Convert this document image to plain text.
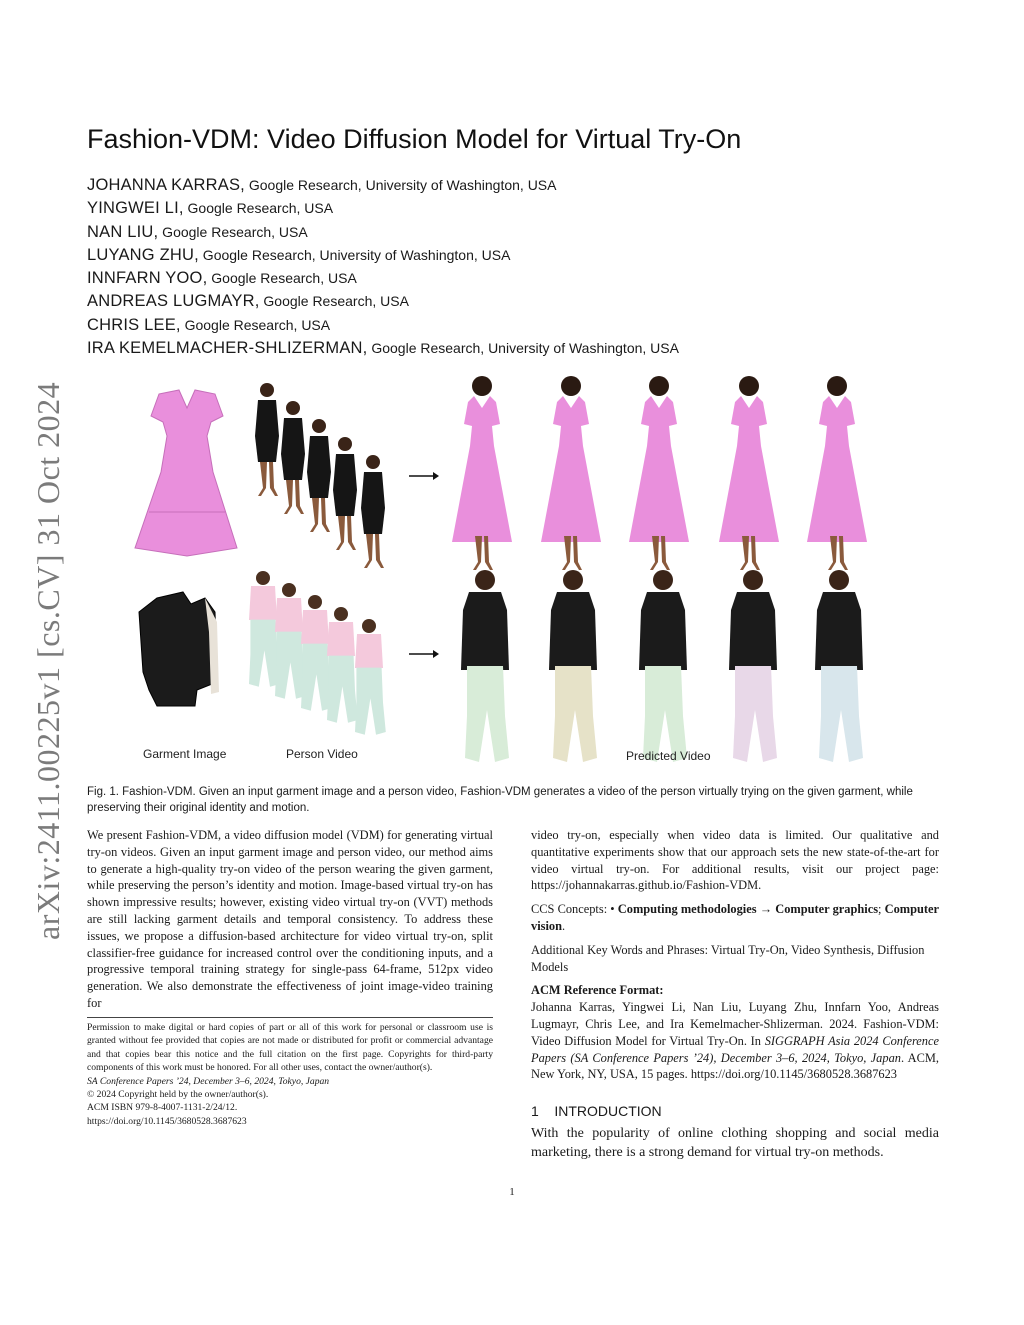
arXiv:2411.00225v1 [cs.CV] 31 Oct 2024
Fashion-VDM: Video Diffusion Model for Virtual Try-On
JOHANNA KARRAS, Google Research, University of Washington, USA
YINGWEI LI, Google Research, USA
NAN LIU, Google Research, USA
LUYANG ZHU, Google Research, University of Washington, USA
INNFARN YOO, Google Research, USA
ANDREAS LUGMAYR, Google Research, USA
CHRIS LEE, Google Research, USA
IRA KEMELMACHER-SHLIZERMAN, Google Research, University of Washington, USA
Garment Image	Person Video	Predicted Video
Fig. 1. Fashion-VDM. Given an input garment image and a person video, Fashion-VDM generates a video of the person virtually trying on the given garment, while preserving their original identity and motion.

We present Fashion-VDM, a video diffusion model (VDM) for generating virtual try-on videos. Given an input garment image and person video, our method aims to generate a high-quality try-on video of the person wearing the given garment, while preserving the person’s identity and motion. Image-based virtual try-on has shown impressive results; however, existing video virtual try-on (VVT) methods are still lacking garment details and temporal consistency. To address these issues, we propose a diffusion-based architecture for video virtual try-on, split classifier-free guidance for increased control over the conditioning inputs, and a progressive temporal training strategy for single-pass 64-frame, 512px video generation. We also demonstrate the effectiveness of joint image-video training for

Permission to make digital or hard copies of part or all of this work for personal or classroom use is granted without fee provided that copies are not made or distributed for profit or commercial advantage and that copies bear this notice and the full citation on the first page. Copyrights for third-party components of this work must be honored. For all other uses, contact the owner/author(s).

SA Conference Papers ’24, December 3–6, 2024, Tokyo, Japan

© 2024 Copyright held by the owner/author(s).

ACM ISBN 979-8-4007-1131-2/24/12.

https://doi.org/10.1145/3680528.3687623

video try-on, especially when video data is limited. Our qualitative and quantitative experiments show that our approach sets the new state-of-the-art for video virtual try-on. For additional results, visit our project page: https://johannakarras.github.io/Fashion-VDM.

CCS Concepts: • Computing methodologies → Computer graphics; Computer vision.

Additional Key Words and Phrases: Virtual Try-On, Video Synthesis, Diffusion Models

ACM Reference Format:

Johanna Karras, Yingwei Li, Nan Liu, Luyang Zhu, Innfarn Yoo, Andreas Lugmayr, Chris Lee, and Ira Kemelmacher-Shlizerman. 2024. Fashion-VDM: Video Diffusion Model for Virtual Try-On. In SIGGRAPH Asia 2024 Conference Papers (SA Conference Papers ’24), December 3–6, 2024, Tokyo, Japan. ACM, New York, NY, USA, 15 pages. https://doi.org/10.1145/3680528.3687623

1    INTRODUCTION

With the popularity of online clothing shopping and social media marketing, there is a strong demand for virtual try-on methods.

1
